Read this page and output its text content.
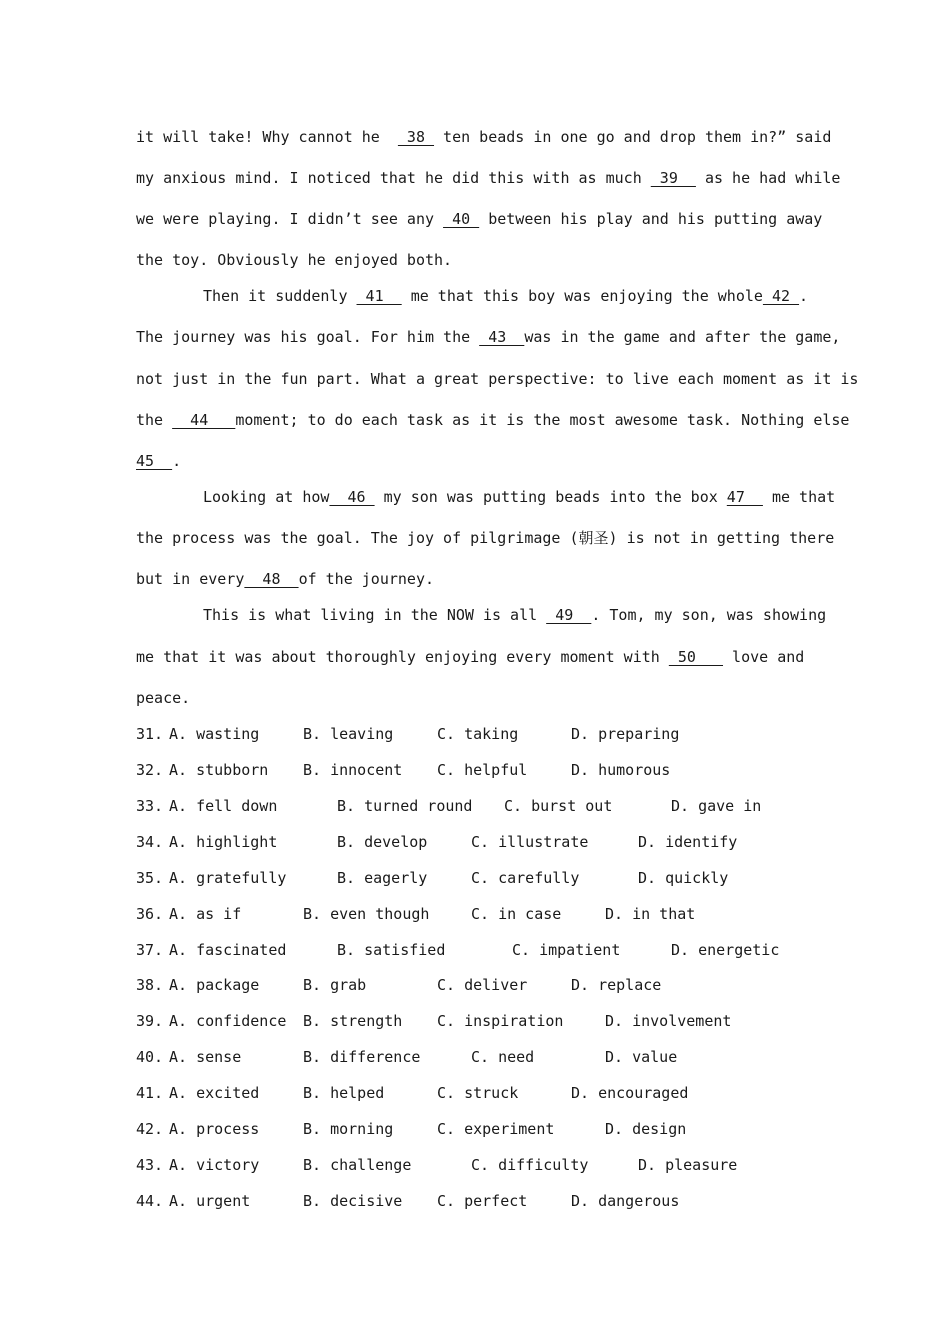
it will take! Why cannot he   38  ten beads in one go and drop them in?” said
my anxious mind. I noticed that he did this with as much  39   as he had while
we were playing. I didn’t see any  40  between his play and his putting away
the toy. Obviously he enjoyed both.
Then it suddenly  41   me that this boy was enjoying the whole 42 .
The journey was his goal. For him the  43  was in the game and after the game,
not just in the fun part. What a great perspective: to live each moment as it is
the   44   moment; to do each task as it is the most awesome task. Nothing else
45  .
Looking at how  46  my son was putting beads into the box 47   me that
the process was the goal. The joy of pilgrimage (朝圣) is not in getting there
but in every  48  of the journey.
This is what living in the NOW is all  49  . Tom, my son, was showing
me that it was about thoroughly enjoying every moment with  50    love and
peace.
31. A. wasting	B. leaving	C. taking	D. preparing
32. A. stubborn B. innocent C. helpful	D. humorous
33. A. fell down	B. turned round C. burst out	D. gave in
34. A. highlight	B. develop	C. illustrate	D. identify
35. A. gratefully	B. eagerly	C. carefully	D. quickly
36. A. as if	B. even though	C. in case	D. in that
37. A. fascinated	B. satisfied	C. impatient	D. energetic
38. A. package	B. grab	C. deliver	D. replace
39. A. confidence B. strength C. inspiration	D. involvement
40. A. sense	B. difference	C. need	D. value
41. A. excited	B. helped	C. struck	D. encouraged
42. A. process	B. morning	C. experiment	D. design
43. A. victory	B. challenge	C. difficulty	D. pleasure
44. A. urgent	B. decisive C. perfect	D. dangerous
